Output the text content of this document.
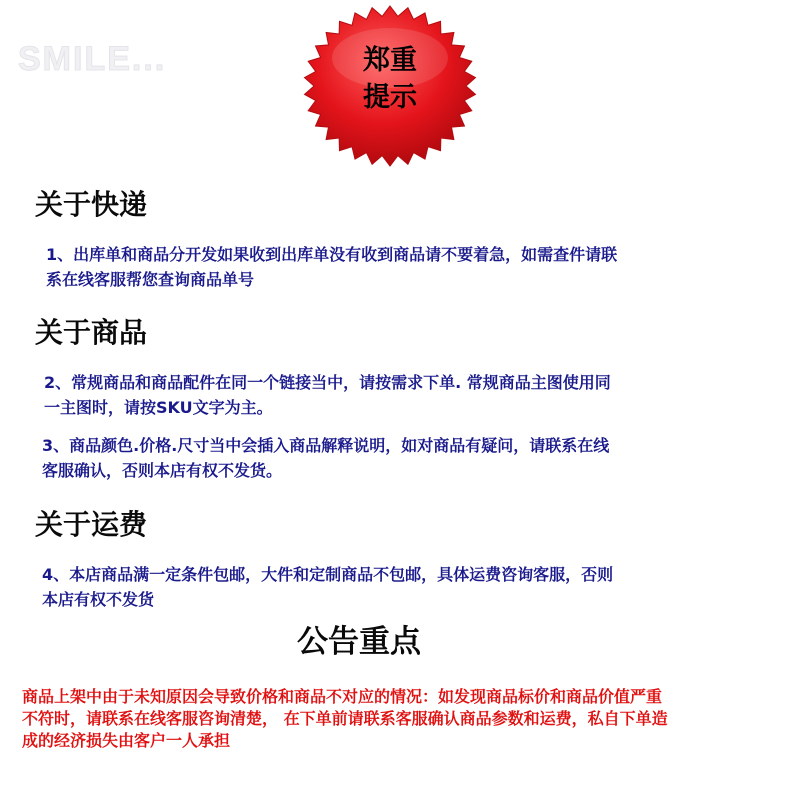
SMILE...	郑重
提示
关于快递
1、出库单和商品分开发如果收到出库单没有收到商品请不要着急，如需查件请联
系在线客服帮您查询商品单号
关于商品
2、常规商品和商品配件在同一个链接当中，请按需求下单. 常规商品主图使用同
一主图时，请按SKU文字为主。
3、商品颜色.价格.尺寸当中会插入商品解释说明，如对商品有疑问，请联系在线
客服确认，否则本店有权不发货。
关于运费
4、本店商品满一定条件包邮，大件和定制商品不包邮，具体运费咨询客服，否则
本店有权不发货
公告重点
商品上架中由于未知原因会导致价格和商品不对应的情况：如发现商品标价和商品价值严重
不符时，请联系在线客服咨询清楚， 在下单前请联系客服确认商品参数和运费，私自下单造
成的经济损失由客户一人承担
